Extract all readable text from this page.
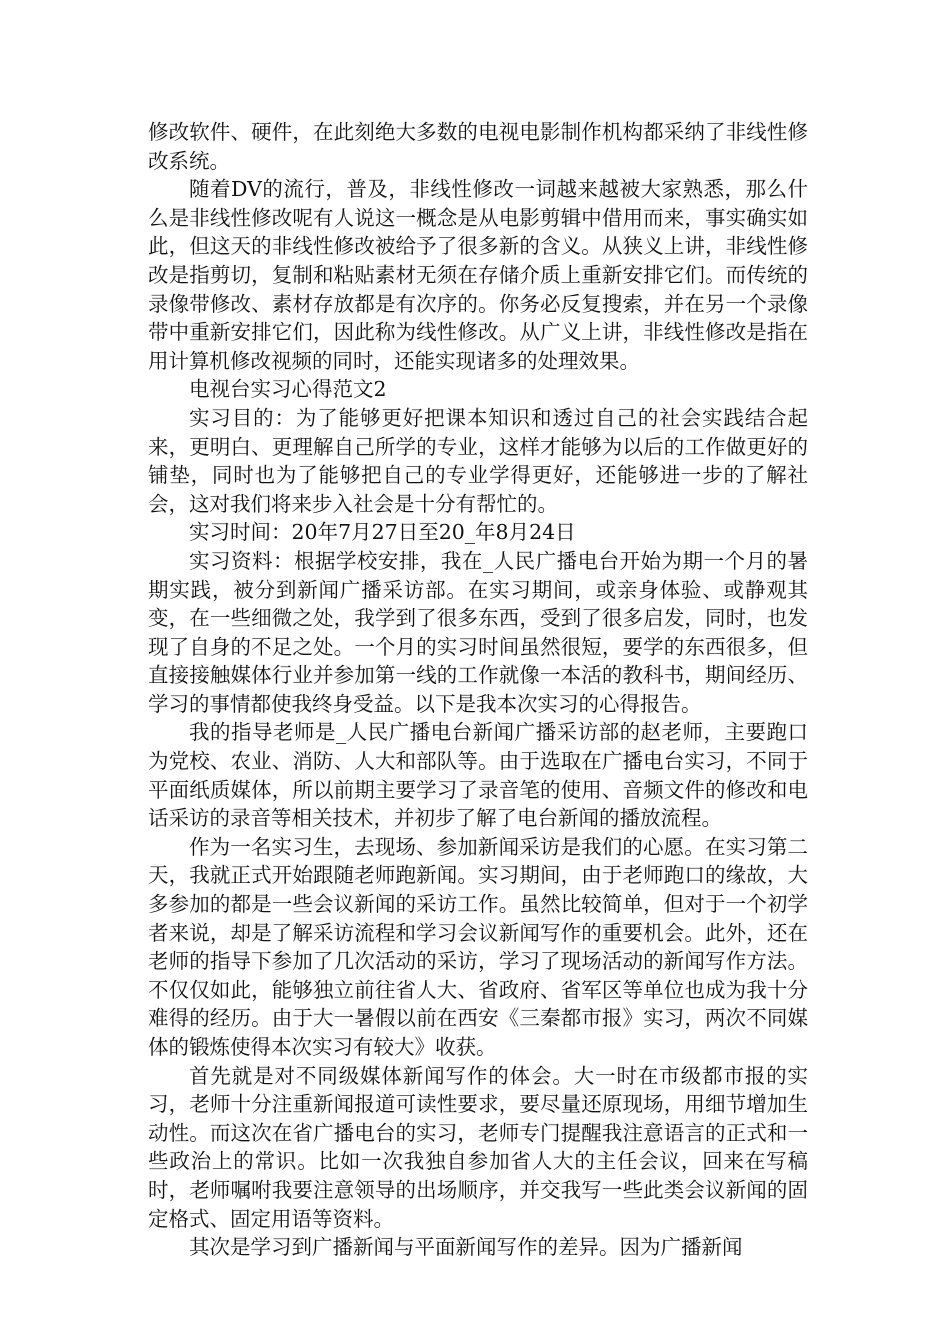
修改软件、硬件，在此刻绝大多数的电视电影制作机构都采纳了非线性修改系统。

随着DV的流行，普及，非线性修改一词越来越被大家熟悉，那么什么是非线性修改呢有人说这一概念是从电影剪辑中借用而来，事实确实如此，但这天的非线性修改被给予了很多新的含义。从狭义上讲，非线性修改是指剪切，复制和粘贴素材无须在存储介质上重新安排它们。而传统的录像带修改、素材存放都是有次序的。你务必反复搜索，并在另一个录像带中重新安排它们，因此称为线性修改。从广义上讲，非线性修改是指在用计算机修改视频的同时，还能实现诸多的处理效果。

电视台实习心得范文2

实习目的：为了能够更好把课本知识和透过自己的社会实践结合起来，更明白、更理解自己所学的专业，这样才能够为以后的工作做更好的铺垫，同时也为了能够把自己的专业学得更好，还能够进一步的了解社会，这对我们将来步入社会是十分有帮忙的。

实习时间：20年7月27日至20_年8月24日

实习资料：根据学校安排，我在_人民广播电台开始为期一个月的暑期实践，被分到新闻广播采访部。在实习期间，或亲身体验、或静观其变，在一些细微之处，我学到了很多东西，受到了很多启发，同时，也发现了自身的不足之处。一个月的实习时间虽然很短，要学的东西很多，但直接接触媒体行业并参加第一线的工作就像一本活的教科书，期间经历、学习的事情都使我终身受益。以下是我本次实习的心得报告。

我的指导老师是_人民广播电台新闻广播采访部的赵老师，主要跑口为党校、农业、消防、人大和部队等。由于选取在广播电台实习，不同于平面纸质媒体，所以前期主要学习了录音笔的使用、音频文件的修改和电话采访的录音等相关技术，并初步了解了电台新闻的播放流程。

作为一名实习生，去现场、参加新闻采访是我们的心愿。在实习第二天，我就正式开始跟随老师跑新闻。实习期间，由于老师跑口的缘故，大多参加的都是一些会议新闻的采访工作。虽然比较简单，但对于一个初学者来说，却是了解采访流程和学习会议新闻写作的重要机会。此外，还在老师的指导下参加了几次活动的采访，学习了现场活动的新闻写作方法。不仅仅如此，能够独立前往省人大、省政府、省军区等单位也成为我十分难得的经历。由于大一暑假以前在西安《三秦都市报》实习，两次不同媒体的锻炼使得本次实习有较大》收获。

首先就是对不同级媒体新闻写作的体会。大一时在市级都市报的实习，老师十分注重新闻报道可读性要求，要尽量还原现场，用细节增加生动性。而这次在省广播电台的实习，老师专门提醒我注意语言的正式和一些政治上的常识。比如一次我独自参加省人大的主任会议，回来在写稿时，老师嘱咐我要注意领导的出场顺序，并交我写一些此类会议新闻的固定格式、固定用语等资料。

其次是学习到广播新闻与平面新闻写作的差异。因为广播新闻
